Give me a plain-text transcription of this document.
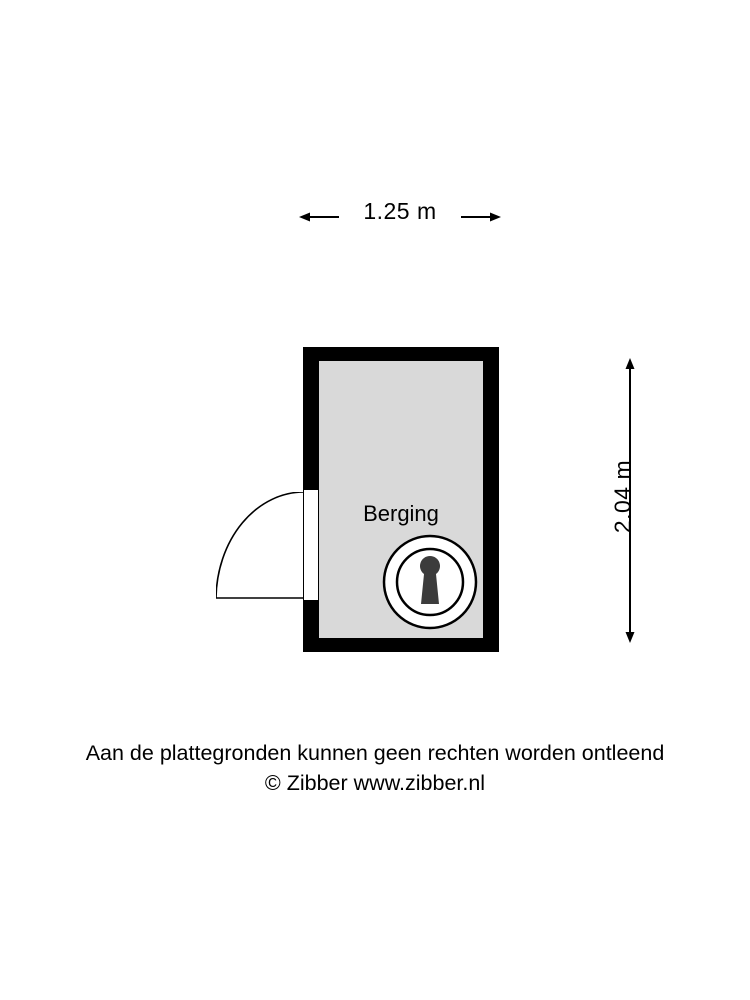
1.25 m
2.04 m
Berging
Aan de plattegronden kunnen geen rechten worden ontleend
© Zibber www.zibber.nl
